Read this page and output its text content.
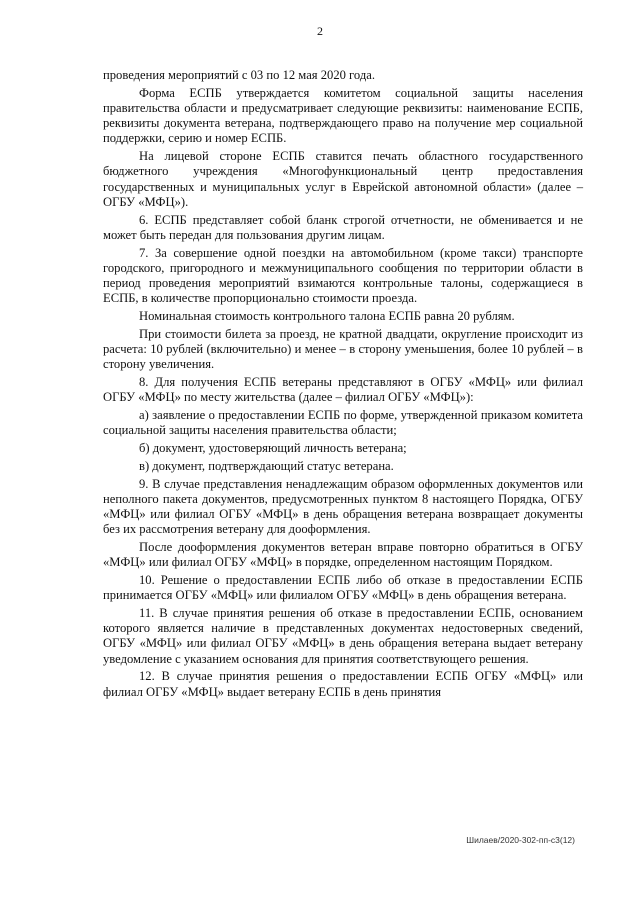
2

проведения мероприятий с 03 по 12 мая 2020 года.

Форма ЕСПБ утверждается комитетом социальной защиты населения правительства области и предусматривает следующие реквизиты: наименование ЕСПБ, реквизиты документа ветерана, подтверждающего право на получение мер социальной поддержки, серию и номер ЕСПБ.

На лицевой стороне ЕСПБ ставится печать областного государственного бюджетного учреждения «Многофункциональный центр предоставления государственных и муниципальных услуг в Еврейской автономной области» (далее – ОГБУ «МФЦ»).

6. ЕСПБ представляет собой бланк строгой отчетности, не обменивается и не может быть передан для пользования другим лицам.

7. За совершение одной поездки на автомобильном (кроме такси) транспорте городского, пригородного и межмуниципального сообщения по территории области в период проведения мероприятий взимаются контрольные талоны, содержащиеся в ЕСПБ, в количестве пропорционально стоимости проезда.

Номинальная стоимость контрольного талона ЕСПБ равна 20 рублям.

При стоимости билета за проезд, не кратной двадцати, округление происходит из расчета: 10 рублей (включительно) и менее – в сторону уменьшения, более 10 рублей – в сторону увеличения.

8. Для получения ЕСПБ ветераны представляют в ОГБУ «МФЦ» или филиал ОГБУ «МФЦ» по месту жительства (далее – филиал ОГБУ «МФЦ»):

а) заявление о предоставлении ЕСПБ по форме, утвержденной приказом комитета социальной защиты населения правительства области;

б) документ, удостоверяющий личность ветерана;

в) документ, подтверждающий статус ветерана.

9. В случае представления ненадлежащим образом оформленных документов или неполного пакета документов, предусмотренных пунктом 8 настоящего Порядка, ОГБУ «МФЦ» или филиал ОГБУ «МФЦ» в день обращения ветерана возвращает документы без их рассмотрения ветерану для дооформления.

После дооформления документов ветеран вправе повторно обратиться в ОГБУ «МФЦ» или филиал ОГБУ «МФЦ» в порядке, определенном настоящим Порядком.

10. Решение о предоставлении ЕСПБ либо об отказе в предоставлении ЕСПБ принимается ОГБУ «МФЦ» или филиалом ОГБУ «МФЦ» в день обращения ветерана.

11. В случае принятия решения об отказе в предоставлении ЕСПБ, основанием которого является наличие в представленных документах недостоверных сведений, ОГБУ «МФЦ» или филиал ОГБУ «МФЦ» в день обращения ветерана выдает ветерану уведомление с указанием основания для принятия соответствующего решения.

12. В случае принятия решения о предоставлении ЕСПБ ОГБУ «МФЦ» или филиал ОГБУ «МФЦ» выдает ветерану ЕСПБ в день принятия

Шилаев/2020-302-пп-с3(12)
